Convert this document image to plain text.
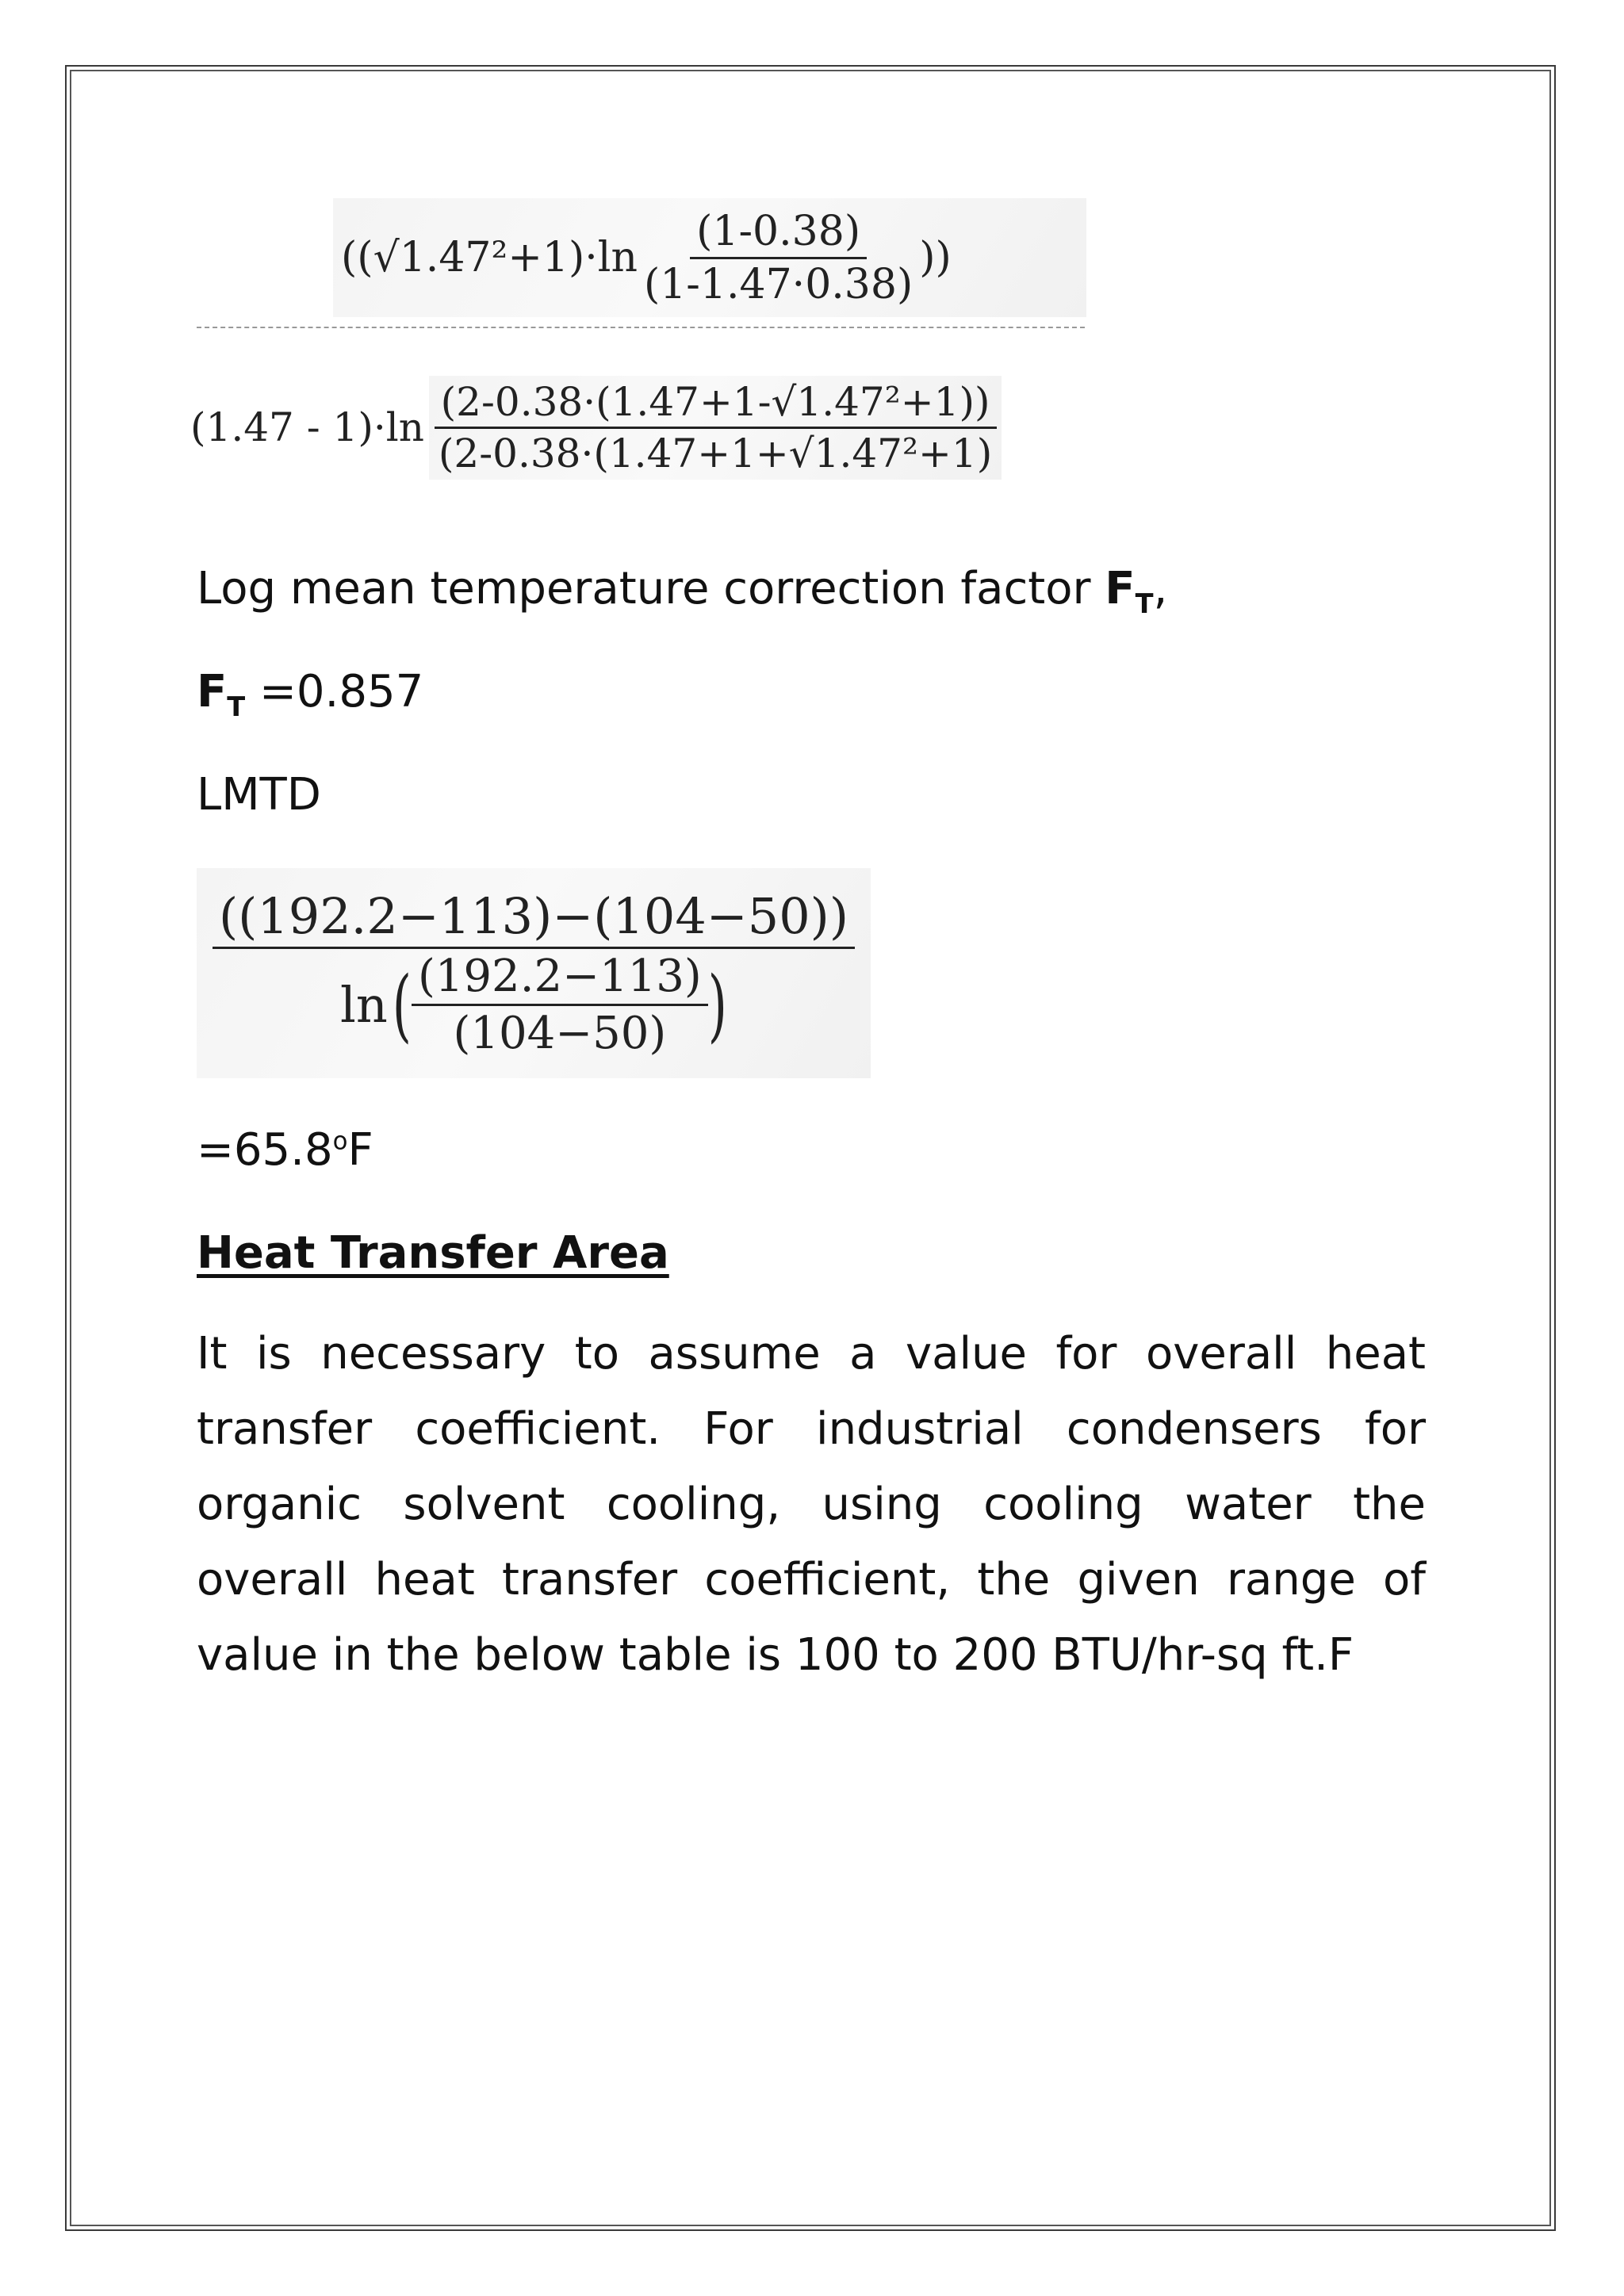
($(√1.47^2+1)\cdot\ln \frac{(1-0.38)}{(1-1.47\cdot 0.38)}$ ))
$(1.47 - 1)\cdot\ln \frac{\text{(2-0.38·(1.47+1-√1.47²+1))}}{\text{(2-0.38·(1.47+1+√1.47²+1)}}$
Log mean temperature correction factor $F_T$,
$F_T =0.857$
LMTD
((192.2−113)−(104−50))
ln ( $\frac{(192.2-113)}{(104-50)}$ )
$=65.8^oF$
Heat Transfer Area
It is necessary to assume a value for overall heat transfer coefficient. For industrial condensers for organic solvent cooling, using cooling water the overall heat transfer coefficient, the given range of value in the below table is 100 to 200 BTU/hr-sq ft.F
